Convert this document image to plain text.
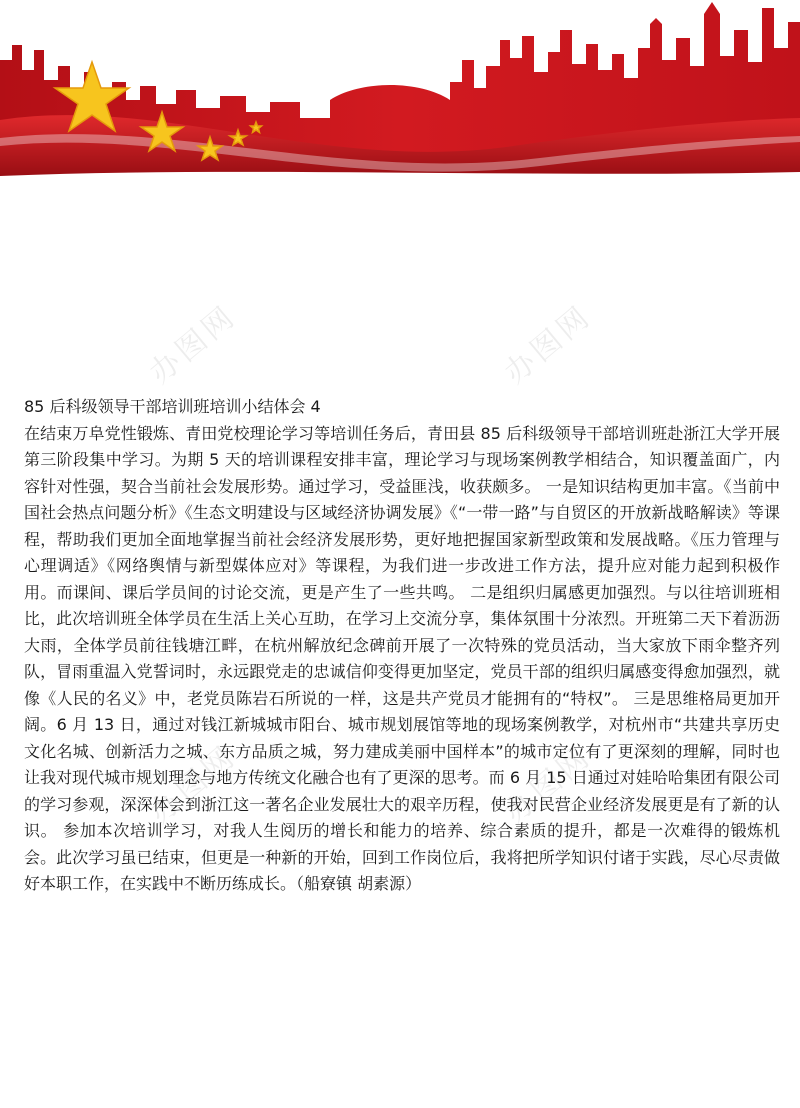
办图网	办图网
办图网	办图网
85 后科级领导干部培训班培训小结体会 4

在结束万阜党性锻炼、青田党校理论学习等培训任务后，青田县 85 后科级领导干部培训班赴浙江大学开展第三阶段集中学习。为期 5 天的培训课程安排丰富，理论学习与现场案例教学相结合，知识覆盖面广，内容针对性强，契合当前社会发展形势。通过学习，受益匪浅，收获颇多。 一是知识结构更加丰富。《当前中国社会热点问题分析》《生态文明建设与区域经济协调发展》《“一带一路”与自贸区的开放新战略解读》等课程，帮助我们更加全面地掌握当前社会经济发展形势，更好地把握国家新型政策和发展战略。《压力管理与心理调适》《网络舆情与新型媒体应对》等课程，为我们进一步改进工作方法，提升应对能力起到积极作用。而课间、课后学员间的讨论交流，更是产生了一些共鸣。 二是组织归属感更加强烈。与以往培训班相比，此次培训班全体学员在生活上关心互助，在学习上交流分享，集体氛围十分浓烈。开班第二天下着沥沥大雨，全体学员前往钱塘江畔，在杭州解放纪念碑前开展了一次特殊的党员活动，当大家放下雨伞整齐列队，冒雨重温入党誓词时，永远跟党走的忠诚信仰变得更加坚定，党员干部的组织归属感变得愈加强烈，就像《人民的名义》中，老党员陈岩石所说的一样，这是共产党员才能拥有的“特权”。 三是思维格局更加开阔。6 月 13 日，通过对钱江新城城市阳台、城市规划展馆等地的现场案例教学，对杭州市“共建共享历史文化名城、创新活力之城、东方品质之城，努力建成美丽中国样本”的城市定位有了更深刻的理解，同时也让我对现代城市规划理念与地方传统文化融合也有了更深的思考。而 6 月 15 日通过对娃哈哈集团有限公司的学习参观，深深体会到浙江这一著名企业发展壮大的艰辛历程，使我对民营企业经济发展更是有了新的认识。 参加本次培训学习，对我人生阅历的增长和能力的培养、综合素质的提升，都是一次难得的锻炼机会。此次学习虽已结束，但更是一种新的开始，回到工作岗位后，我将把所学知识付诸于实践，尽心尽责做好本职工作，在实践中不断历练成长。（船寮镇 胡素源）
